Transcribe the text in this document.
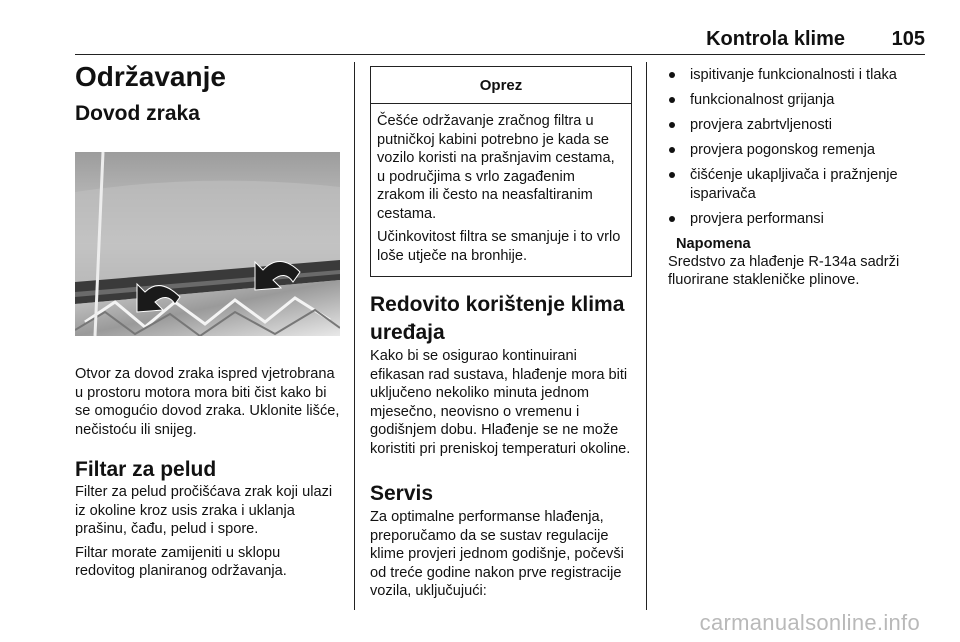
Kontrola klime 105
Održavanje
Dovod zraka

Otvor za dovod zraka ispred vjetrobrana u prostoru motora mora biti čist kako bi se omogućio dovod zraka. Uklonite lišće, nečistoću ili snijeg.

Filtar za pelud

Filter za pelud pročišćava zrak koji ulazi iz okoline kroz usis zraka i uklanja prašinu, čađu, pelud i spore.

Filtar morate zamijeniti u sklopu redovitog planiranog održavanja.

Oprez

Češće održavanje zračnog filtra u putničkoj kabini potrebno je kada se vozilo koristi na prašnjavim cestama, u područjima s vrlo zagađenim zrakom ili često na neasfaltiranim cestama.

Učinkovitost filtra se smanjuje i to vrlo loše utječe na bronhije.

Redovito korištenje klima uređaja

Kako bi se osigurao kontinuirani efikasan rad sustava, hlađenje mora biti uključeno nekoliko minuta jednom mjesečno, neovisno o vremenu i godišnjem dobu. Hlađenje se ne može koristiti pri preniskoj temperaturi okoline.

Servis

Za optimalne performanse hlađenja, preporučamo da se sustav regulacije klime provjeri jednom godišnje, počevši od treće godine nakon prve registracije vozila, uključujući:

ispitivanje funkcionalnosti i tlaka
funkcionalnost grijanja
provjera zabrtvljenosti
provjera pogonskog remenja
čišćenje ukapljivača i pražnjenje isparivača
provjera performansi
Napomena
Sredstvo za hlađenje R-134a sadrži fluorirane stakleničke plinove.
carmanualsonline.info
